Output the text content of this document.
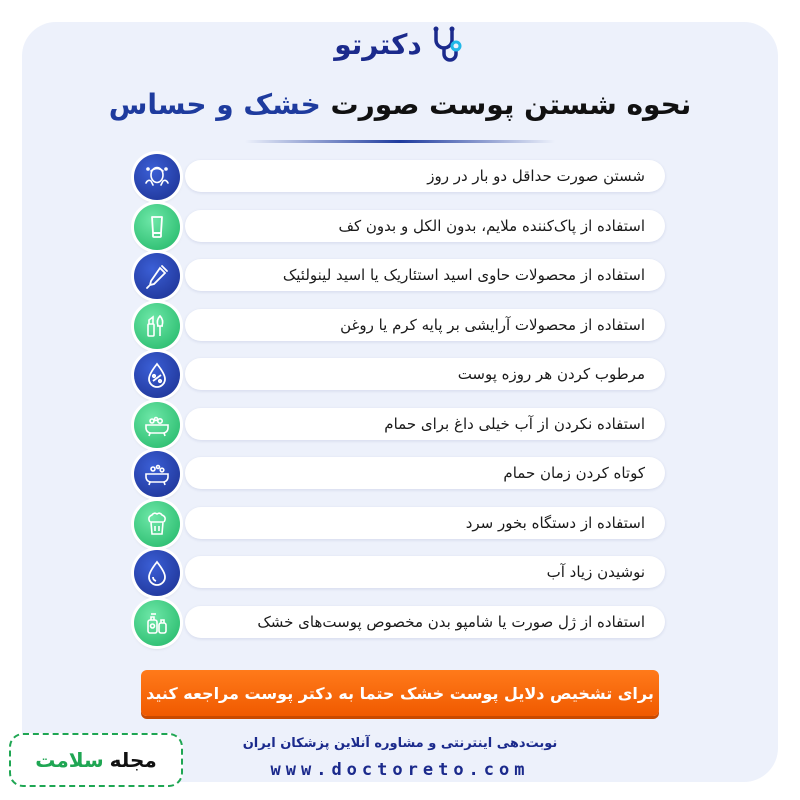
دکتر‌تو
نحوه شستن پوست صورت خشک و حساس
شستن صورت حداقل دو بار در روز
استفاده از پاک‌کننده ملایم، بدون الکل و بدون کف
استفاده از محصولات حاوی اسید استئاریک یا اسید لینولئیک
استفاده از محصولات آرایشی بر پایه کرم یا روغن
مرطوب کردن هر روزه پوست
استفاده نکردن از آب خیلی داغ برای حمام
کوتاه کردن زمان حمام
استفاده از دستگاه بخور سرد
نوشیدن زیاد آب
استفاده از ژل صورت یا شامپو بدن مخصوص پوست‌های خشک
برای تشخیص دلایل پوست خشک حتما به دکتر پوست مراجعه کنید
نوبت‌دهی اینترنتی و مشاوره آنلاین پزشکان ایران
www.doctoreto.com
مجله
سلامت
